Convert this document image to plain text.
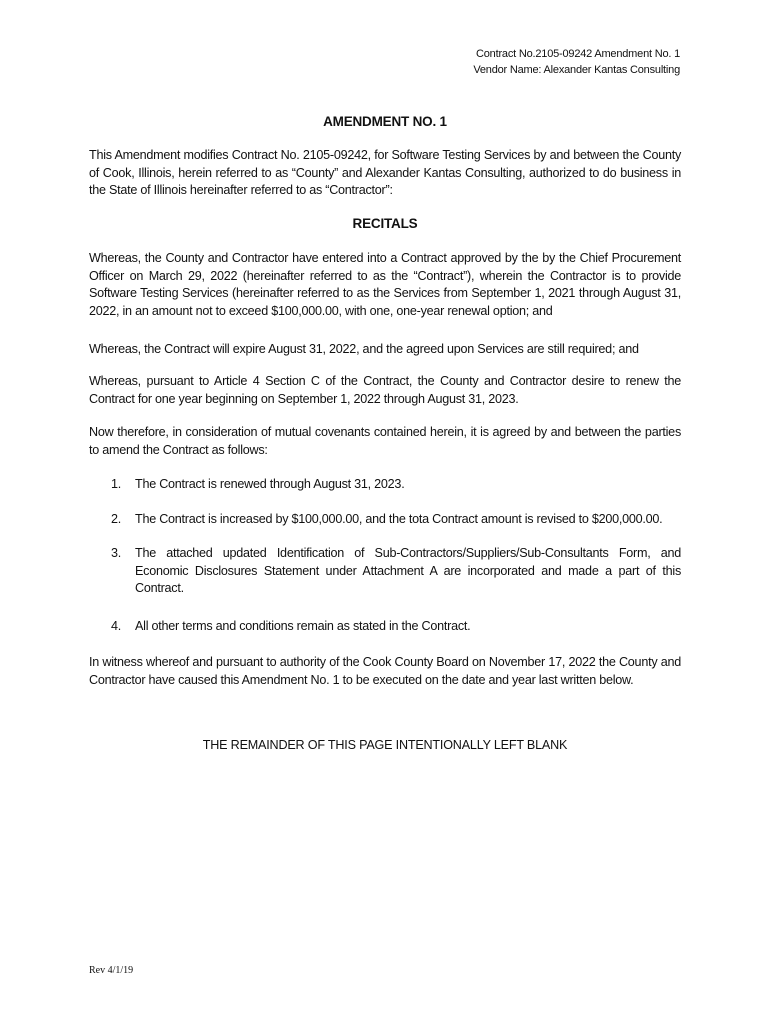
Contract No.2105-09242 Amendment No. 1
Vendor Name: Alexander Kantas Consulting
AMENDMENT NO. 1

This Amendment modifies Contract No. 2105-09242, for Software Testing Services by and between the County of Cook, Illinois, herein referred to as “County” and Alexander Kantas Consulting, authorized to do business in the State of Illinois hereinafter referred to as “Contractor”:

RECITALS

Whereas, the County and Contractor have entered into a Contract approved by the by the Chief Procurement Officer on March 29, 2022 (hereinafter referred to as the “Contract”), wherein the Contractor is to provide Software Testing Services (hereinafter referred to as the Services from September 1, 2021 through August 31, 2022, in an amount not to exceed $100,000.00, with one, one-year renewal option; and

Whereas, the Contract will expire August 31, 2022, and the agreed upon Services are still required; and

Whereas, pursuant to Article 4 Section C of the Contract, the County and Contractor desire to renew the Contract for one year beginning on September 1, 2022 through August 31, 2023.

Now therefore, in consideration of mutual covenants contained herein, it is agreed by and between the parties to amend the Contract as follows:

1. The Contract is renewed through August 31, 2023.
2. The Contract is increased by $100,000.00, and the tota Contract amount is revised to $200,000.00.
3. The attached updated Identification of Sub-Contractors/Suppliers/Sub-Consultants Form, and Economic Disclosures Statement under Attachment A are incorporated and made a part of this Contract.
4. All other terms and conditions remain as stated in the Contract.

In witness whereof and pursuant to authority of the Cook County Board on November 17, 2022 the County and Contractor have caused this Amendment No. 1 to be executed on the date and year last written below.

THE REMAINDER OF THIS PAGE INTENTIONALLY LEFT BLANK
Rev 4/1/19
